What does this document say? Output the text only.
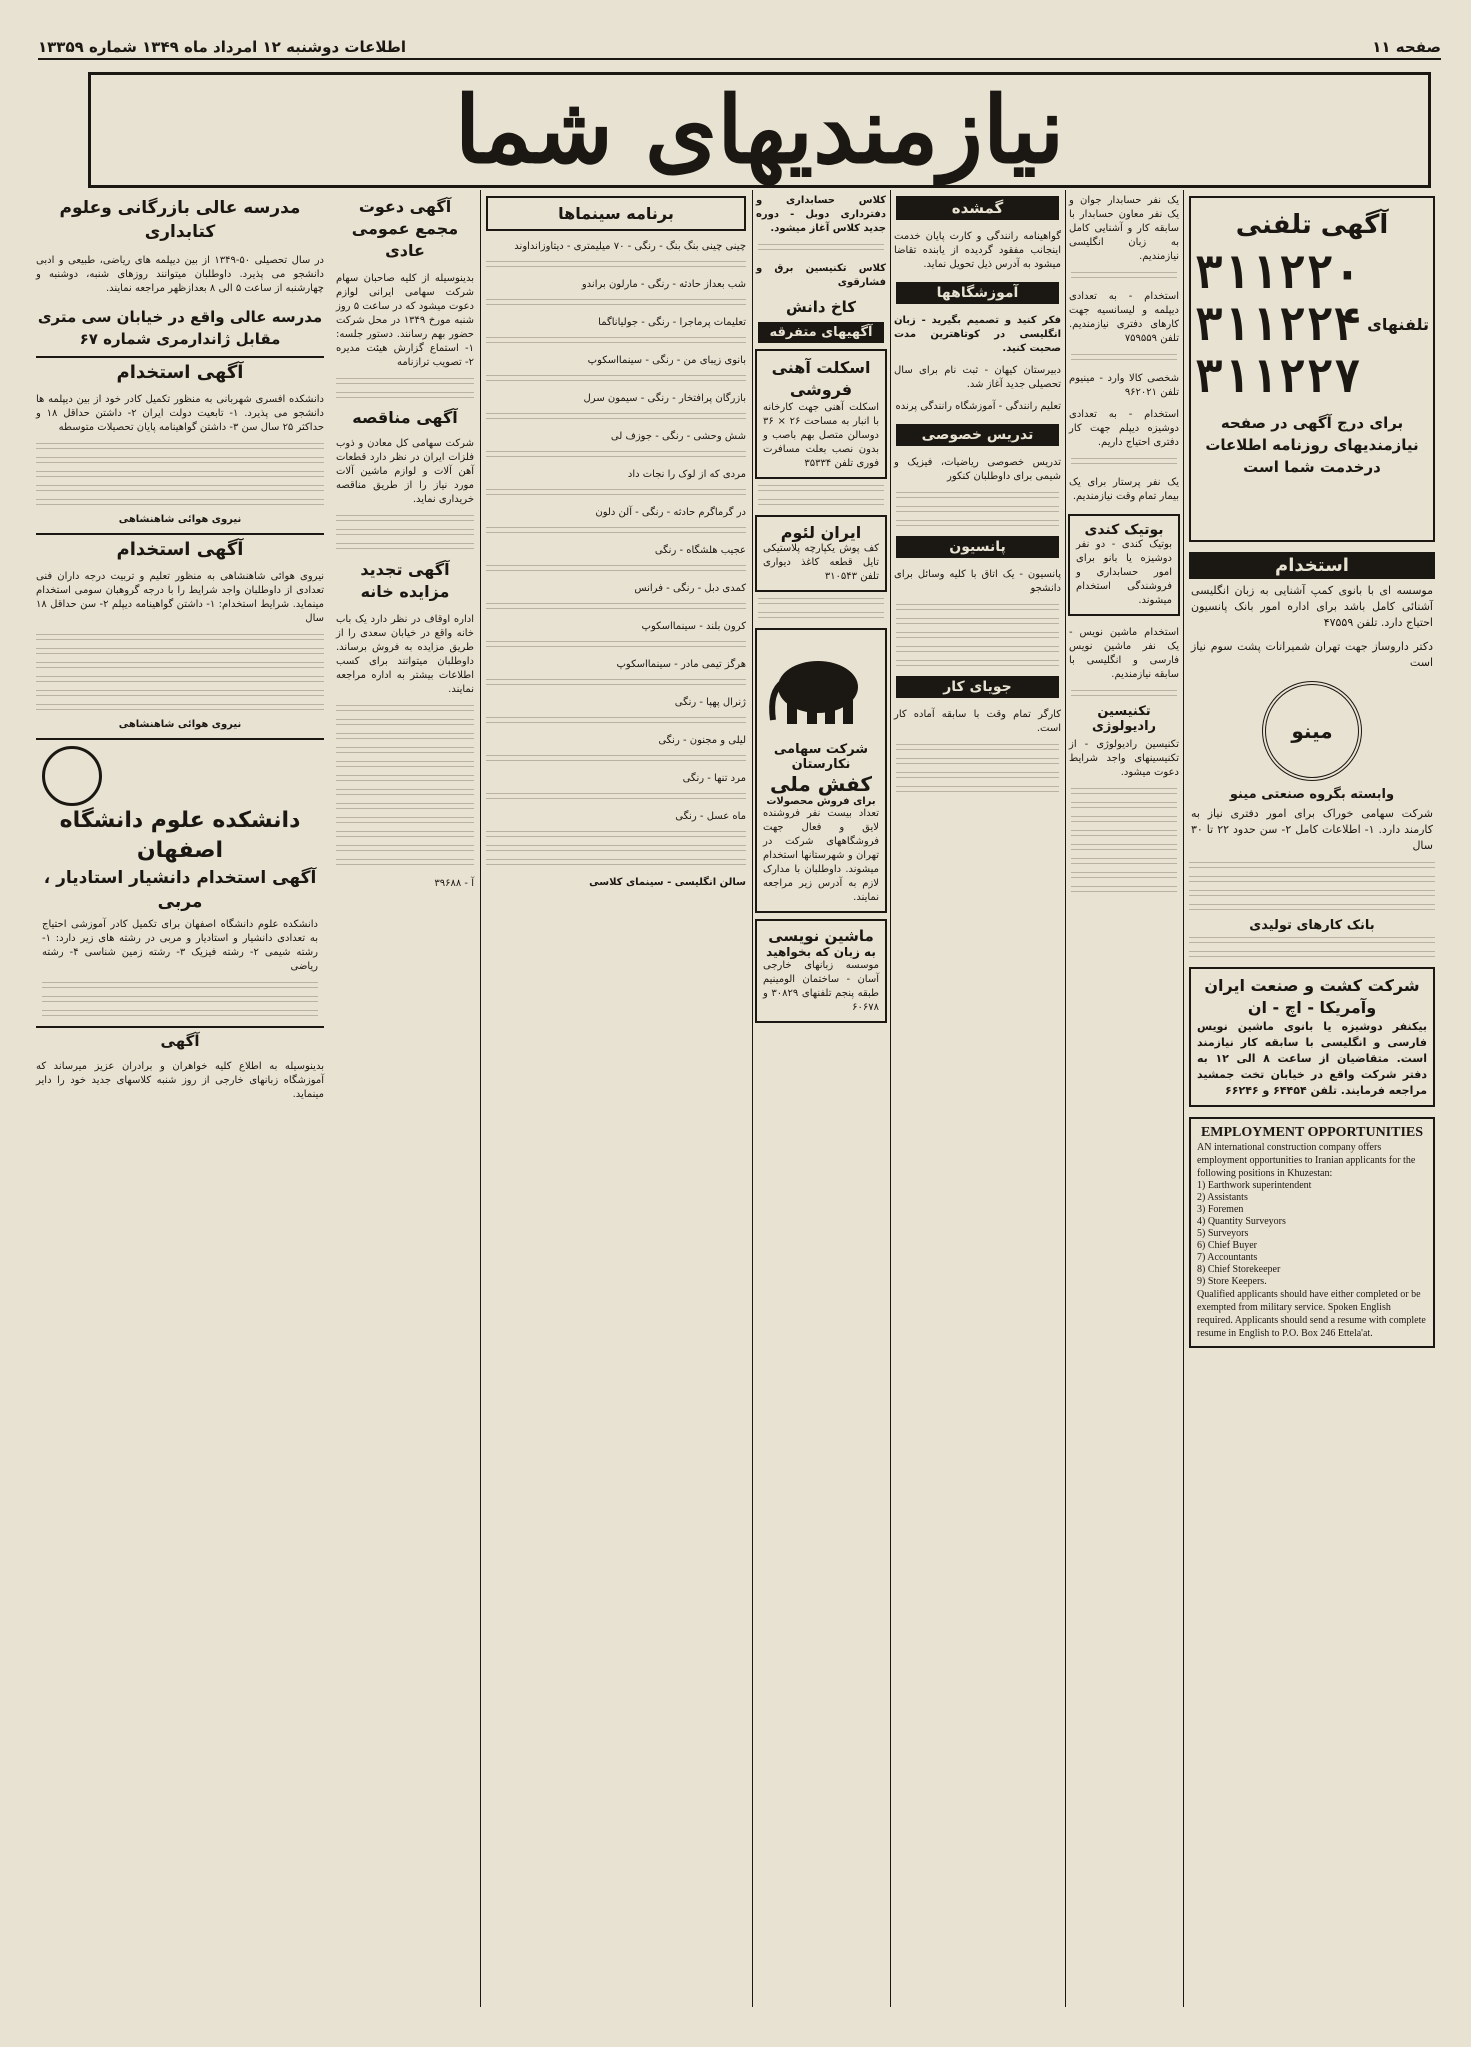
اطلاعات دوشنبه ۱۲ امرداد ماه ۱۳۴۹ شماره ۱۳۳۵۹	صفحه ۱۱
نیازمندیهای شما
آگهی تلفنی
تلفنهای
۳۱۱۲۲۰
۳۱۱۲۲۴
۳۱۱۲۲۷
برای درج آگهی در صفحه نیازمندیهای روزنامه اطلاعات درخدمت شما است
استخدام
موسسه ای با بانوی کمپ آشنایی به زبان انگلیسی آشنائی کامل باشد برای اداره امور بانک پانسیون احتیاج دارد. تلفن ۴۷۵۵۹
دکتر داروساز جهت تهران شمیرانات پشت سوم نیاز است
مینو
وابسته بگروه صنعتی مینو
شرکت سهامی خوراک برای امور دفتری نیاز به کارمند دارد. ۱- اطلاعات کامل ۲- سن حدود ۲۲ تا ۳۰ سال
بانک کارهای تولیدی
شرکت کشت و صنعت ایران وآمریکا - اچ - ان
بیکنفر دوشیزه یا بانوی ماشین نویس فارسی و انگلیسی با سابقه کار نیازمند است. متقاضیان از ساعت ۸ الی ۱۲ به دفتر شرکت واقع در خیابان تخت جمشید مراجعه فرمایند. تلفن ۶۴۴۵۴ و ۶۶۲۴۶
EMPLOYMENT OPPORTUNITIES
AN international construction company offers employment opportunities to Iranian applicants for the following positions in Khuzestan:
1) Earthwork superintendent
2) Assistants
3) Foremen
4) Quantity Surveyors
5) Surveyors
6) Chief Buyer
7) Accountants
8) Chief Storekeeper
9) Store Keepers.
Qualified applicants should have either completed or be exempted from military service. Spoken English required. Applicants should send a resume with complete resume in English to P.O. Box 246 Ettela'at.
یک نفر حسابدار جوان و یک نفر معاون حسابدار با سابقه کار و آشنایی کامل به زبان انگلیسی نیازمندیم.
استخدام - به تعدادی دیپلمه و لیسانسیه جهت کارهای دفتری نیازمندیم. تلفن ۷۵۹۵۵۹
شخصی کالا وارد - مینیوم تلفن ۹۶۲۰۲۱
استخدام - به تعدادی دوشیزه دیپلم جهت کار دفتری احتیاج داریم.
یک نفر پرستار برای یک بیمار تمام وقت نیازمندیم.
بوتیک کندی
بوتیک کندی - دو نفر دوشیزه یا بانو برای امور حسابداری و فروشندگی استخدام میشوند.
استخدام ماشین نویس - یک نفر ماشین نویس فارسی و انگلیسی با سابقه نیازمندیم.
تکنیسین رادیولوژی
تکنیسین رادیولوژی - از تکنیسینهای واجد شرایط دعوت میشود.
گمشده
گواهینامه رانندگی و کارت پایان خدمت اینجانب مفقود گردیده از یابنده تقاضا میشود به آدرس ذیل تحویل نماید.
آموزشگاهها
فکر کنید و تصمیم بگیرید - زبان انگلیسی در کوتاهترین مدت صحبت کنید.
دبیرستان کیهان - ثبت نام برای سال تحصیلی جدید آغاز شد.
تعلیم رانندگی - آموزشگاه رانندگی پرنده
تدریس خصوصی
تدریس خصوصی ریاضیات، فیزیک و شیمی برای داوطلبان کنکور
پانسیون
پانسیون - یک اتاق با کلیه وسائل برای دانشجو
جویای کار
کارگر تمام وقت با سابقه آماده کار است.
کلاس حسابداری و دفترداری دوبل - دوره جدید کلاس آغاز میشود.
کلاس تکنیسین برق و فشارقوی
کاخ دانش
آگهیهای متفرقه
اسکلت آهنی فروشی
اسکلت آهنی جهت کارخانه با انبار به مساحت ۲۶ × ۳۶ دوسالن متصل بهم باصب و بدون نصب بعلت مسافرت فوری تلفن ۳۵۳۳۴
ایران لئوم
کف پوش یکپارچه پلاستیکی تایل قطعه کاغذ دیواری تلفن ۳۱۰۵۴۳
شرکت سهامی نکارستان
کفش ملی
برای فروش محصولات
تعداد بیست نفر فروشنده لایق و فعال جهت فروشگاههای شرکت در تهران و شهرستانها استخدام میشوند. داوطلبان با مدارک لازم به آدرس زیر مراجعه نمایند.
ماشین نویسی
به زبان که بخواهید
موسسه زبانهای خارجی آسان - ساختمان الومینیم طبقه پنجم تلفنهای ۳۰۸۲۹ و ۶۰۶۷۸
برنامه سینماها
چینی چینی بنگ بنگ - رنگی - ۷۰ میلیمتری - دیتاوزانداوند
شب بعداز حادثه - رنگی - مارلون براندو
تعلیمات پرماجرا - رنگی - جولیاناگما
بانوی زیبای من - رنگی - سینمااسکوپ
بازرگان پرافتخار - رنگی - سیمون سرل
شش وحشی - رنگی - جوزف لی
مردی که از لوک را نجات داد
در گرماگرم حادثه - رنگی - آلن دلون
عجیب هلشگاه - رنگی
کمدی دبل - رنگی - فرانس
کرون بلند - سینمااسکوپ
هرگز تیمی مادر - سینمااسکوپ
ژنرال پهپا - رنگی
لیلی و مجنون - رنگی
مرد تنها - رنگی
ماه عسل - رنگی
سالن انگلیسی - سینمای کلاسی
آگهی دعوت مجمع عمومی عادی
بدینوسیله از کلیه صاحبان سهام شرکت سهامی ایرانی لوازم دعوت میشود که در ساعت ۵ روز شنبه مورخ ۱۳۴۹ در محل شرکت حضور بهم رسانند. دستور جلسه: ۱- استماع گزارش هیئت مدیره ۲- تصویب ترازنامه
آگهی مناقصه
شرکت سهامی کل معادن و ذوب فلزات ایران در نظر دارد قطعات آهن آلات و لوازم ماشین آلات مورد نیاز را از طریق مناقصه خریداری نماید.
آگهی تجدید مزایده خانه
اداره اوقاف در نظر دارد یک باب خانه واقع در خیابان سعدی را از طریق مزایده به فروش برساند. داوطلبان میتوانند برای کسب اطلاعات بیشتر به اداره مراجعه نمایند.
آ - ۳۹۶۸۸
مدرسه عالی بازرگانی وعلوم کتابداری
در سال تحصیلی ۵۰-۱۳۴۹ از بین دیپلمه های ریاضی، طبیعی و ادبی دانشجو می پذیرد. داوطلبان میتوانند روزهای شنبه، دوشنبه و چهارشنبه از ساعت ۵ الی ۸ بعدازظهر مراجعه نمایند.
مدرسه عالی واقع در خیابان سی متری مقابل ژاندارمری شماره ۶۷
آگهی استخدام
دانشکده افسری شهربانی به منظور تکمیل کادر خود از بین دیپلمه ها دانشجو می پذیرد. ۱- تابعیت دولت ایران ۲- داشتن حداقل ۱۸ و حداکثر ۲۵ سال سن ۳- داشتن گواهینامه پایان تحصیلات متوسطه
نیروی هوائی شاهنشاهی
آگهی استخدام
نیروی هوائی شاهنشاهی به منظور تعلیم و تربیت درجه داران فنی تعدادی از داوطلبان واجد شرایط را با درجه گروهبان سومی استخدام مینماید. شرایط استخدام: ۱- داشتن گواهینامه دیپلم ۲- سن حداقل ۱۸ سال
نیروی هوائی شاهنشاهی
دانشکده علوم دانشگاه اصفهان
آگهی استخدام دانشیار استادیار ، مربی
دانشکده علوم دانشگاه اصفهان برای تکمیل کادر آموزشی احتیاج به تعدادی دانشیار و استادیار و مربی در رشته های زیر دارد: ۱- رشته شیمی ۲- رشته فیزیک ۳- رشته زمین شناسی ۴- رشته ریاضی
آگهی
بدینوسیله به اطلاع کلیه خواهران و برادران عزیز میرساند که آموزشگاه زبانهای خارجی از روز شنبه کلاسهای جدید خود را دایر مینماید.
